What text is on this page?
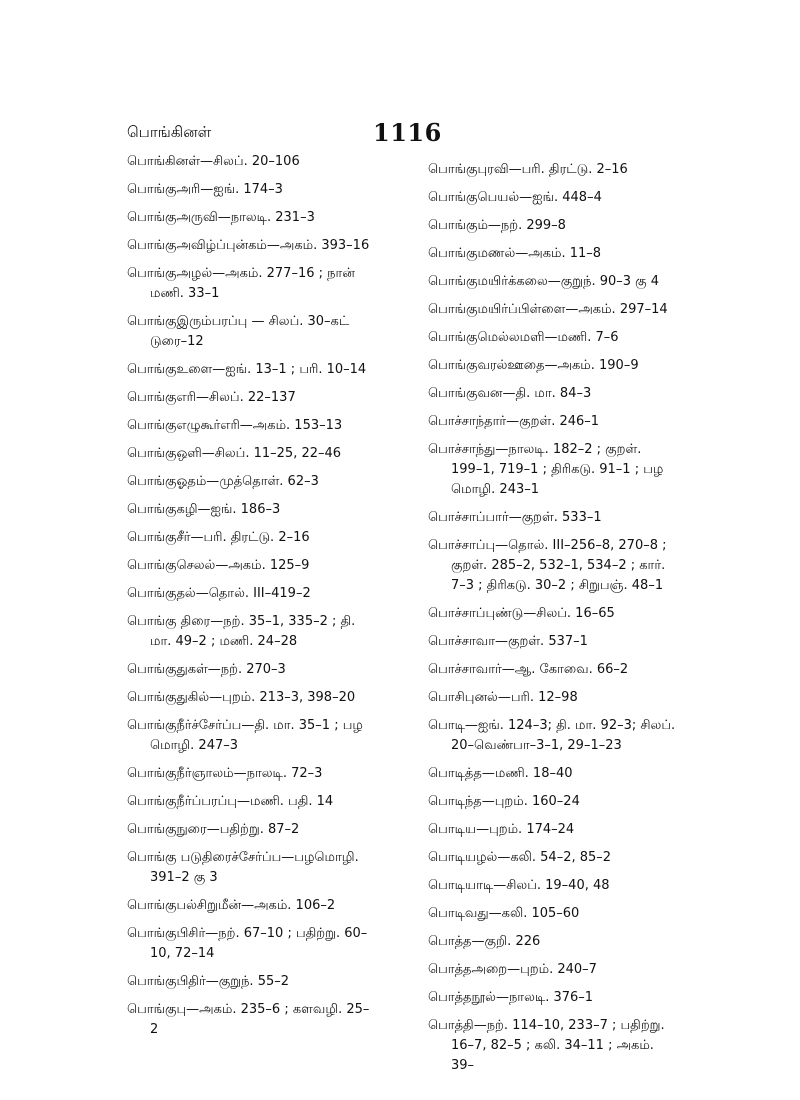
பொங்கினள்	1116
பொங்கினள்—சிலப். 20–106
பொங்குஅரி—ஐங். 174–3
பொங்குஅருவி—நாலடி. 231–3
பொங்குஅவிழ்ப்புன்கம்—அகம். 393–16
பொங்குஅழல்—அகம். 277–16 ; நான்
மணி. 33–1
பொங்குஇரும்பரப்பு — சிலப். 30–கட்
டுரை–12
பொங்குஉளை—ஐங். 13–1 ; பரி. 10–14
பொங்குஎரி—சிலப். 22–137
பொங்குஎழுகூர்எரி—அகம். 153–13
பொங்குஒளி—சிலப். 11–25, 22–46
பொங்குஓதம்—முத்தொள். 62–3
பொங்குகழி—ஐங். 186–3
பொங்குசீர்—பரி. திரட்டு. 2–16
பொங்குசெலல்—அகம். 125–9
பொங்குதல்—தொல். III–419–2
பொங்கு திரை—நற். 35–1, 335–2 ; தி.
மா. 49–2 ; மணி. 24–28
பொங்குதுகள்—நற். 270–3
பொங்குதுகில்—புறம். 213–3, 398–20
பொங்குநீர்ச்சேர்ப்ப—தி. மா. 35–1 ; பழ
மொழி. 247–3
பொங்குநீர்ஞாலம்—நாலடி. 72–3
பொங்குநீர்ப்பரப்பு—மணி. பதி. 14
பொங்குநுரை—பதிற்று. 87–2
பொங்கு படுதிரைச்சேர்ப்ப—பழமொழி.
391–2 கு 3
பொங்குபல்சிறுமீன்—அகம். 106–2
பொங்குபிசிர்—நற். 67–10 ; பதிற்று. 60–
10, 72–14
பொங்குபிதிர்—குறுந். 55–2
பொங்குபு—அகம். 235–6 ; களவழி. 25–
2
பொங்குபுரவி—பரி. திரட்டு. 2–16
பொங்குபெயல்—ஐங். 448–4
பொங்கும்—நற். 299–8
பொங்குமணல்—அகம். 11–8
பொங்குமயிர்க்கலை—குறுந். 90–3 கு 4
பொங்குமயிர்ப்பிள்ளை—அகம். 297–14
பொங்குமெல்லமளி—மணி. 7–6
பொங்குவரல்ஊதை—அகம். 190–9
பொங்குவன—தி. மா. 84–3
பொச்சாந்தார்—குறள். 246–1
பொச்சாந்து—நாலடி. 182–2 ; குறள்.
199–1, 719–1 ; திரிகடு. 91–1 ; பழ
மொழி. 243–1
பொச்சாப்பார்—குறள். 533–1
பொச்சாப்பு—தொல். III–256–8, 270–8 ;
குறள். 285–2, 532–1, 534–2 ; கார்.
7–3 ; திரிகடு. 30–2 ; சிறுபஞ். 48–1
பொச்சாப்புண்டு—சிலப். 16–65
பொச்சாவா—குறள். 537–1
பொச்சாவார்—ஆ. கோவை. 66–2
பொசிபுனல்—பரி. 12–98
பொடி—ஐங். 124–3; தி. மா. 92–3; சிலப்.
20–வெண்பா–3–1, 29–1–23
பொடித்த—மணி. 18–40
பொடிந்த—புறம். 160–24
பொடிய—புறம். 174–24
பொடியழல்—கலி. 54–2, 85–2
பொடியாடி—சிலப். 19–40, 48
பொடிவது—கலி. 105–60
பொத்த—குறி. 226
பொத்தஅறை—புறம். 240–7
பொத்தநூல்—நாலடி. 376–1
பொத்தி—நற். 114–10, 233–7 ; பதிற்று.
16–7, 82–5 ; கலி. 34–11 ; அகம். 39–
